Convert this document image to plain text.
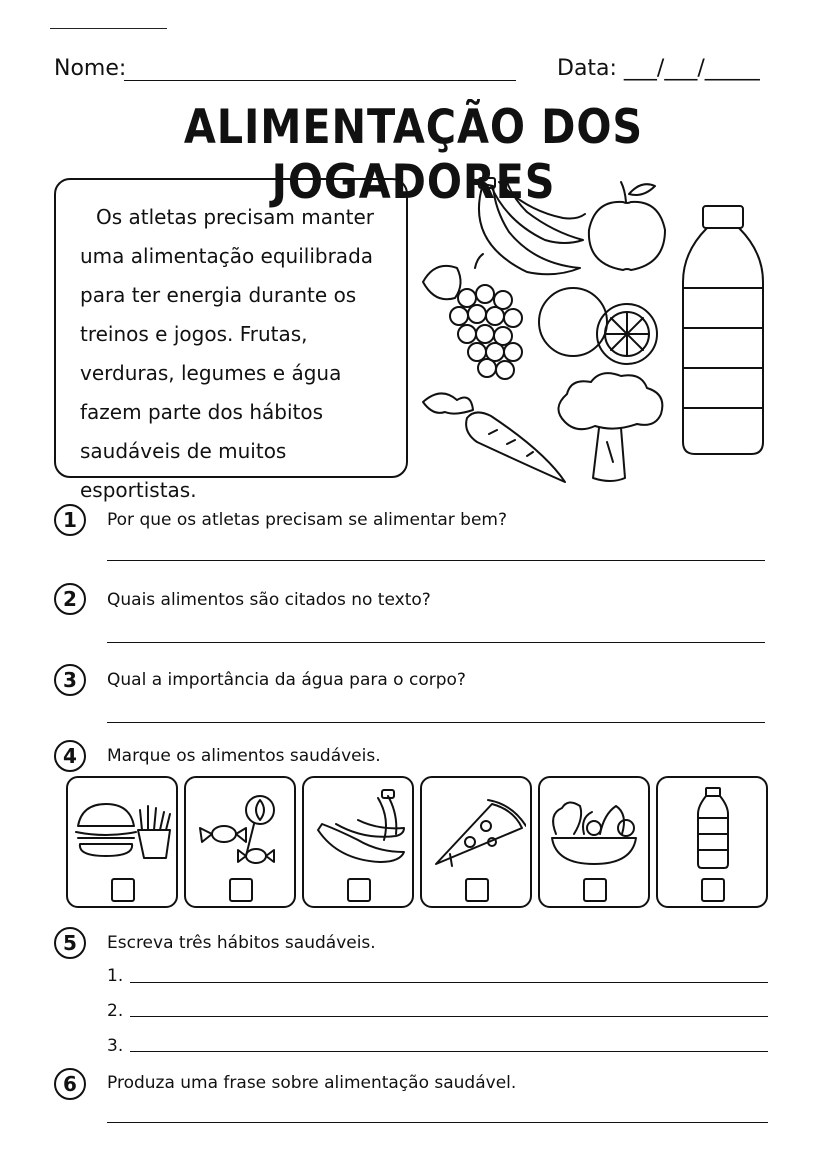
Nome:	Data: ___/___/_____
ALIMENTAÇÃO DOS JOGADORES

Os atletas precisam manter uma alimentação equilibrada para ter energia durante os treinos e jogos. Frutas, verduras, legumes e água fazem parte dos hábitos saudáveis de muitos esportistas.

1	Por que os atletas precisam se alimentar bem?
2	Quais alimentos são citados no texto?
3	Qual a importância da água para o corpo?
4	Marque os alimentos saudáveis.
5	Escreva três hábitos saudáveis.
1.
2.
3.
6	Produza uma frase sobre alimentação saudável.
